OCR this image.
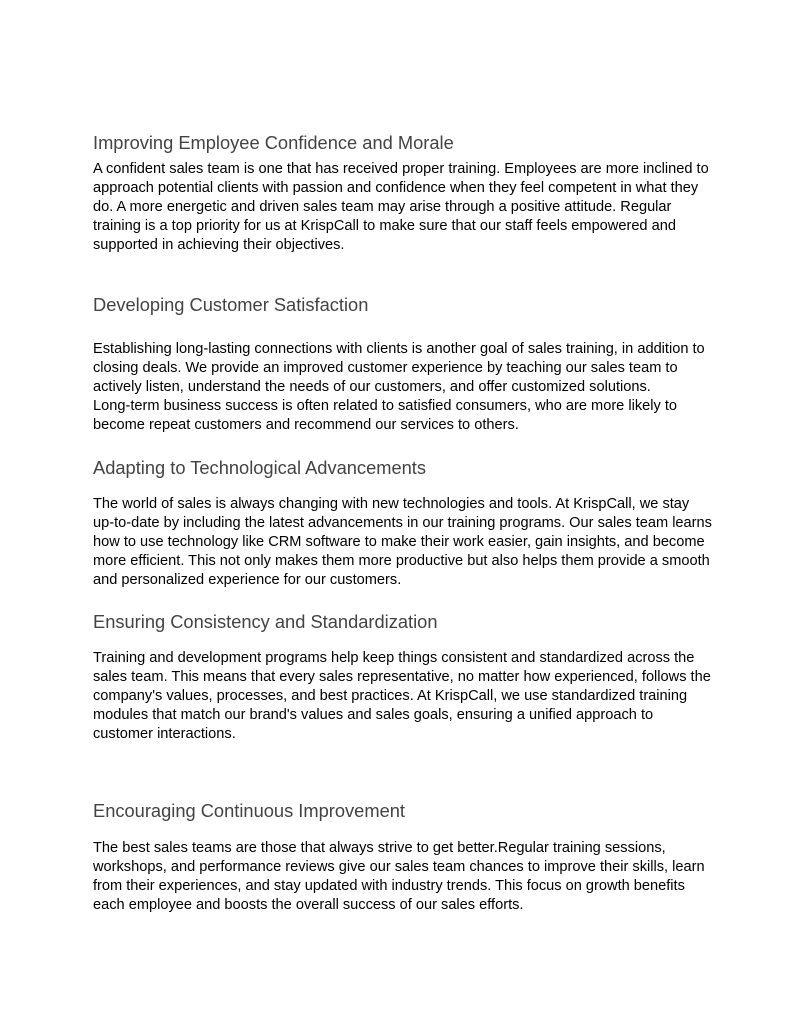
Improving Employee Confidence and Morale

A confident sales team is one that has received proper training. Employees are more inclined to
approach potential clients with passion and confidence when they feel competent in what they
do. A more energetic and driven sales team may arise through a positive attitude. Regular
training is a top priority for us at KrispCall to make sure that our staff feels empowered and
supported in achieving their objectives.

Developing Customer Satisfaction

Establishing long-lasting connections with clients is another goal of sales training, in addition to
closing deals. We provide an improved customer experience by teaching our sales team to
actively listen, understand the needs of our customers, and offer customized solutions.
Long-term business success is often related to satisfied consumers, who are more likely to
become repeat customers and recommend our services to others.

Adapting to Technological Advancements

The world of sales is always changing with new technologies and tools. At KrispCall, we stay
up-to-date by including the latest advancements in our training programs. Our sales team learns
how to use technology like CRM software to make their work easier, gain insights, and become
more efficient. This not only makes them more productive but also helps them provide a smooth
and personalized experience for our customers.

Ensuring Consistency and Standardization

Training and development programs help keep things consistent and standardized across the
sales team. This means that every sales representative, no matter how experienced, follows the
company's values, processes, and best practices. At KrispCall, we use standardized training
modules that match our brand's values and sales goals, ensuring a unified approach to
customer interactions.

Encouraging Continuous Improvement

The best sales teams are those that always strive to get better.Regular training sessions,
workshops, and performance reviews give our sales team chances to improve their skills, learn
from their experiences, and stay updated with industry trends. This focus on growth benefits
each employee and boosts the overall success of our sales efforts.
